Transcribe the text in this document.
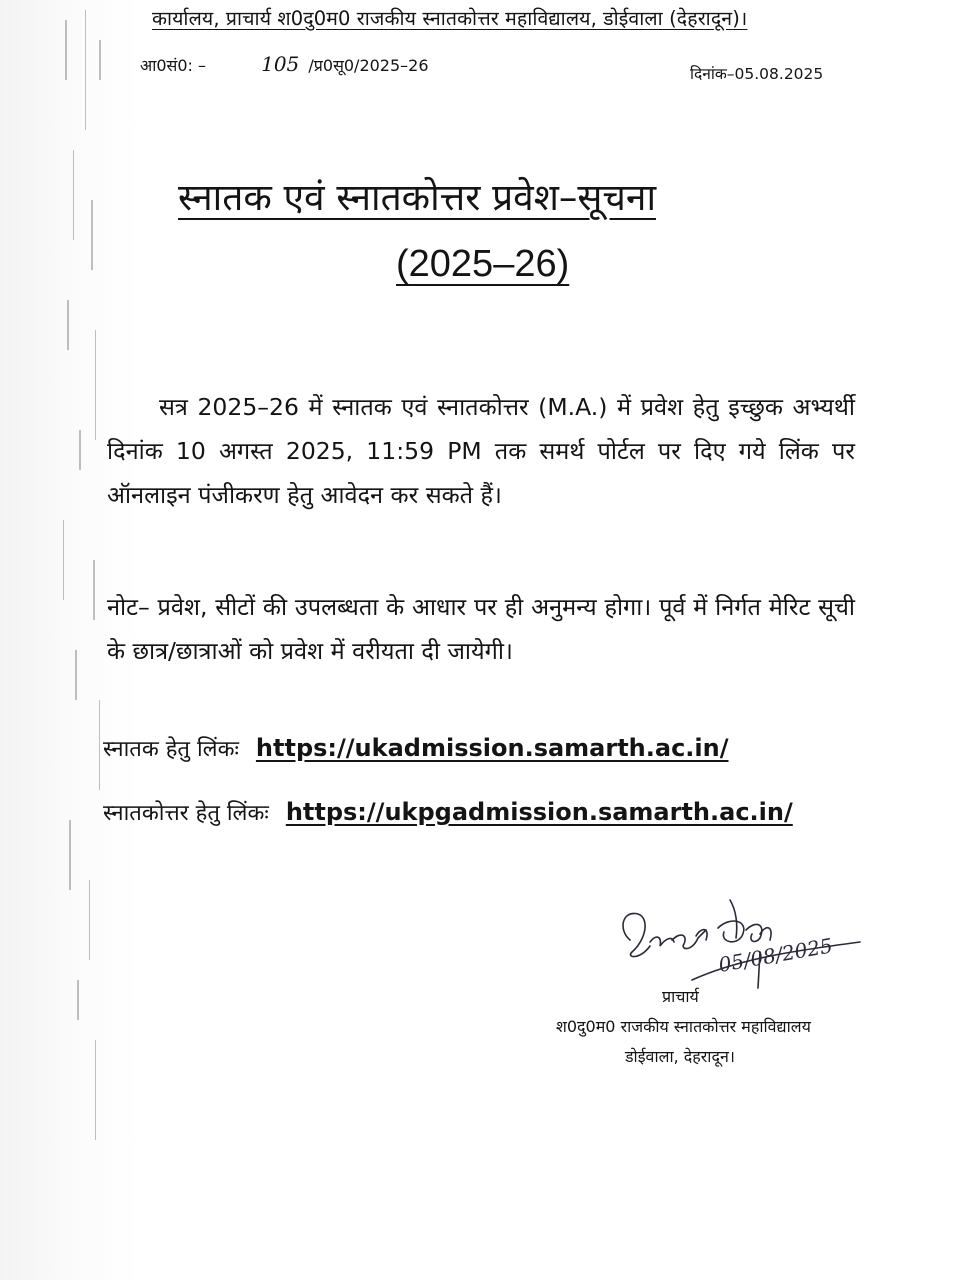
कार्यालय, प्राचार्य श0दु0म0 राजकीय स्नातकोत्तर महाविद्यालय, डोईवाला (देहरादून)।
आ0सं0: –	105 /प्र0सू0/2025–26	दिनांक–05.08.2025
स्नातक एवं स्नातकोत्तर प्रवेश–सूचना
(2025–26)
सत्र 2025–26 में स्नातक एवं स्नातकोत्तर (M.A.) में प्रवेश हेतु इच्छुक अभ्यर्थी दिनांक 10 अगस्त 2025, 11:59 PM तक समर्थ पोर्टल पर दिए गये लिंक पर ऑनलाइन पंजीकरण हेतु आवेदन कर सकते हैं।
नोट– प्रवेश, सीटों की उपलब्धता के आधार पर ही अनुमन्य होगा। पूर्व में निर्गत मेरिट सूची के छात्र/छात्राओं को प्रवेश में वरीयता दी जायेगी।
स्नातक हेतु लिंकः https://ukadmission.samarth.ac.in/
स्नातकोत्तर हेतु लिंकः https://ukpgadmission.samarth.ac.in/
05/08/2025
प्राचार्य
श0दु0म0 राजकीय स्नातकोत्तर महाविद्यालय
डोईवाला, देहरादून।
